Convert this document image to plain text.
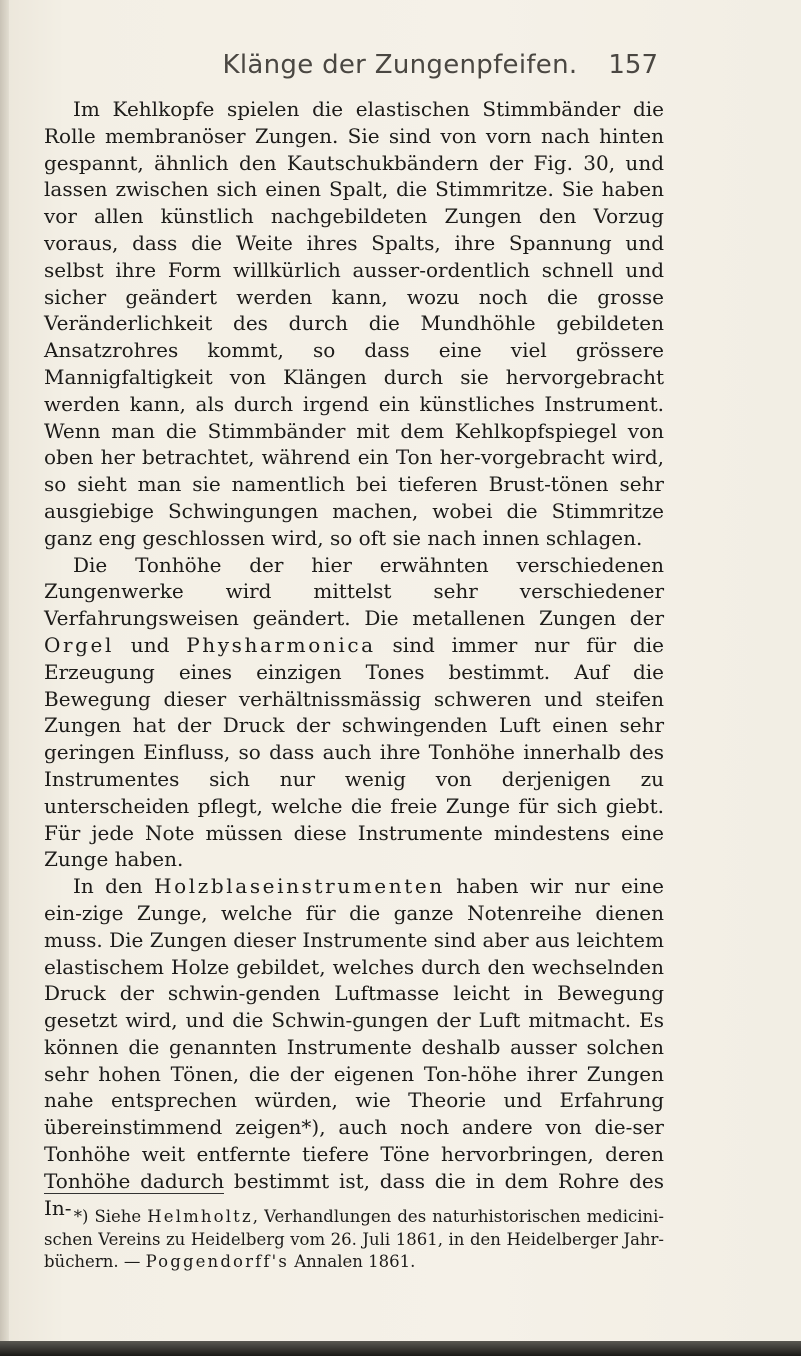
Klänge der Zungenpfeifen.	157

Im Kehlkopfe spielen die elastischen Stimmbänder die Rolle membranöser Zungen. Sie sind von vorn nach hinten gespannt, ähnlich den Kautschukbändern der Fig. 30, und lassen zwischen sich einen Spalt, die Stimmritze. Sie haben vor allen künstlich nachgebildeten Zungen den Vorzug voraus, dass die Weite ihres Spalts, ihre Spannung und selbst ihre Form willkürlich ausser-ordentlich schnell und sicher geändert werden kann, wozu noch die grosse Veränderlichkeit des durch die Mundhöhle gebildeten Ansatzrohres kommt, so dass eine viel grössere Mannigfaltigkeit von Klängen durch sie hervorgebracht werden kann, als durch irgend ein künstliches Instrument. Wenn man die Stimmbänder mit dem Kehlkopfspiegel von oben her betrachtet, während ein Ton her-vorgebracht wird, so sieht man sie namentlich bei tieferen Brust-tönen sehr ausgiebige Schwingungen machen, wobei die Stimmritze ganz eng geschlossen wird, so oft sie nach innen schlagen.

Die Tonhöhe der hier erwähnten verschiedenen Zungenwerke wird mittelst sehr verschiedener Verfahrungsweisen geändert. Die metallenen Zungen der Orgel und Physharmonica sind immer nur für die Erzeugung eines einzigen Tones bestimmt. Auf die Bewegung dieser verhältnissmässig schweren und steifen Zungen hat der Druck der schwingenden Luft einen sehr geringen Einfluss, so dass auch ihre Tonhöhe innerhalb des Instrumentes sich nur wenig von derjenigen zu unterscheiden pflegt, welche die freie Zunge für sich giebt. Für jede Note müssen diese Instrumente mindestens eine Zunge haben.

In den Holzblaseinstrumenten haben wir nur eine ein-zige Zunge, welche für die ganze Notenreihe dienen muss. Die Zungen dieser Instrumente sind aber aus leichtem elastischem Holze gebildet, welches durch den wechselnden Druck der schwin-genden Luftmasse leicht in Bewegung gesetzt wird, und die Schwin-gungen der Luft mitmacht. Es können die genannten Instrumente deshalb ausser solchen sehr hohen Tönen, die der eigenen Ton-höhe ihrer Zungen nahe entsprechen würden, wie Theorie und Erfahrung übereinstimmend zeigen*), auch noch andere von die-ser Tonhöhe weit entfernte tiefere Töne hervorbringen, deren Tonhöhe dadurch bestimmt ist, dass die in dem Rohre des In- *) Siehe Helmholtz, Verhandlungen des naturhistorischen medicini-schen Vereins zu Heidelberg vom 26. Juli 1861, in den Heidelberger Jahr-büchern. — Poggendorff's Annalen 1861.
